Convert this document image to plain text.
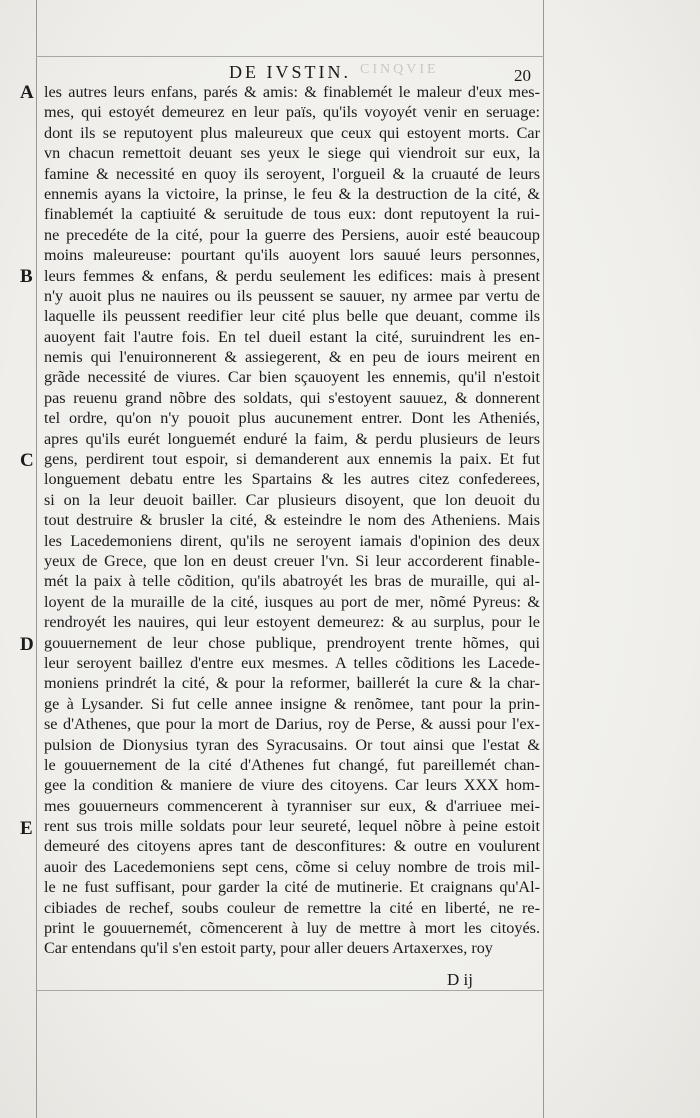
CINQVIE
DE IVSTIN.	20
A
B
C
D
E
les autres leurs enfans, parés & amis: & finablemét le maleur d'eux mes-
mes, qui estoyét demeurez en leur païs, qu'ils voyoyét venir en seruage:
dont ils se reputoyent plus maleureux que ceux qui estoyent morts. Car
vn chacun remettoit deuant ses yeux le siege qui viendroit sur eux, la
famine & necessité en quoy ils seroyent, l'orgueil & la cruauté de leurs
ennemis ayans la victoire, la prinse, le feu & la destruction de la cité, &
finablemét la captiuité & seruitude de tous eux: dont reputoyent la rui-
ne precedéte de la cité, pour la guerre des Persiens, auoir esté beaucoup
moins maleureuse: pourtant qu'ils auoyent lors sauué leurs personnes,
leurs femmes & enfans, & perdu seulement les edifices: mais à present
n'y auoit plus ne nauires ou ils peussent se sauuer, ny armee par vertu de
laquelle ils peussent reedifier leur cité plus belle que deuant, comme ils
auoyent fait l'autre fois. En tel dueil estant la cité, suruindrent les en-
nemis qui l'enuironnerent & assiegerent, & en peu de iours meirent en
grãde necessité de viures. Car bien sçauoyent les ennemis, qu'il n'estoit
pas reuenu grand nõbre des soldats, qui s'estoyent sauuez, & donnerent
tel ordre, qu'on n'y pouoit plus aucunement entrer. Dont les Atheniés,
apres qu'ils eurét longuemét enduré la faim, & perdu plusieurs de leurs
gens, perdirent tout espoir, si demanderent aux ennemis la paix. Et fut
longuement debatu entre les Spartains & les autres citez confederees,
si on la leur deuoit bailler. Car plusieurs disoyent, que lon deuoit du
tout destruire & brusler la cité, & esteindre le nom des Atheniens. Mais
les Lacedemoniens dirent, qu'ils ne seroyent iamais d'opinion des deux
yeux de Grece, que lon en deust creuer l'vn. Si leur accorderent finable-
mét la paix à telle cõdition, qu'ils abatroyét les bras de muraille, qui al-
loyent de la muraille de la cité, iusques au port de mer, nõmé Pyreus: &
rendroyét les nauires, qui leur estoyent demeurez: & au surplus, pour le
gouuernement de leur chose publique, prendroyent trente hõmes, qui
leur seroyent baillez d'entre eux mesmes. A telles cõditions les Lacede-
moniens prindrét la cité, & pour la reformer, baillerét la cure & la char-
ge à Lysander. Si fut celle annee insigne & renõmee, tant pour la prin-
se d'Athenes, que pour la mort de Darius, roy de Perse, & aussi pour l'ex-
pulsion de Dionysius tyran des Syracusains. Or tout ainsi que l'estat &
le gouuernement de la cité d'Athenes fut changé, fut pareillemét chan-
gee la condition & maniere de viure des citoyens. Car leurs XXX hom-
mes gouuerneurs commencerent à tyranniser sur eux, & d'arriuee mei-
rent sus trois mille soldats pour leur seureté, lequel nõbre à peine estoit
demeuré des citoyens apres tant de desconfitures: & outre en voulurent
auoir des Lacedemoniens sept cens, cõme si celuy nombre de trois mil-
le ne fust suffisant, pour garder la cité de mutinerie. Et craignans qu'Al-
cibiades de rechef, soubs couleur de remettre la cité en liberté, ne re-
print le gouuernemét, cõmencerent à luy de mettre à mort les citoyés.
Car entendans qu'il s'en estoit party, pour aller deuers Artaxerxes, roy
D ij
